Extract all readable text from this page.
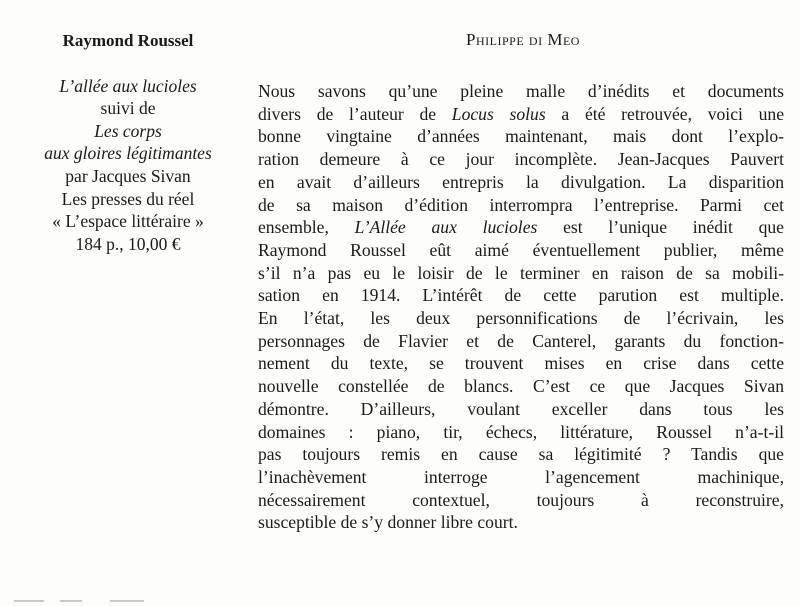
Raymond Roussel
L’allée aux lucioles
suivi de
Les corps
aux gloires légitimantes
par Jacques Sivan
Les presses du réel
« L’espace littéraire »
184 p., 10,00 €
Philippe di Meo
Nous savons qu’une pleine malle d’inédits et documents
divers de l’auteur de Locus solus a été retrouvée, voici une
bonne vingtaine d’années maintenant, mais dont l’explo-
ration demeure à ce jour incomplète. Jean-Jacques Pauvert
en avait d’ailleurs entrepris la divulgation. La disparition
de sa maison d’édition interrompra l’entreprise. Parmi cet
ensemble, L’Allée aux lucioles est l’unique inédit que
Raymond Roussel eût aimé éventuellement publier, même
s’il n’a pas eu le loisir de le terminer en raison de sa mobili-
sation en 1914. L’intérêt de cette parution est multiple.
En l’état, les deux personnifications de l’écrivain, les
personnages de Flavier et de Canterel, garants du fonction-
nement du texte, se trouvent mises en crise dans cette
nouvelle constellée de blancs. C’est ce que Jacques Sivan
démontre. D’ailleurs, voulant exceller dans tous les
domaines : piano, tir, échecs, littérature, Roussel n’a-t-il
pas toujours remis en cause sa légitimité ? Tandis que
l’inachèvement interroge l’agencement machinique,
nécessairement contextuel, toujours à reconstruire,
susceptible de s’y donner libre court.
